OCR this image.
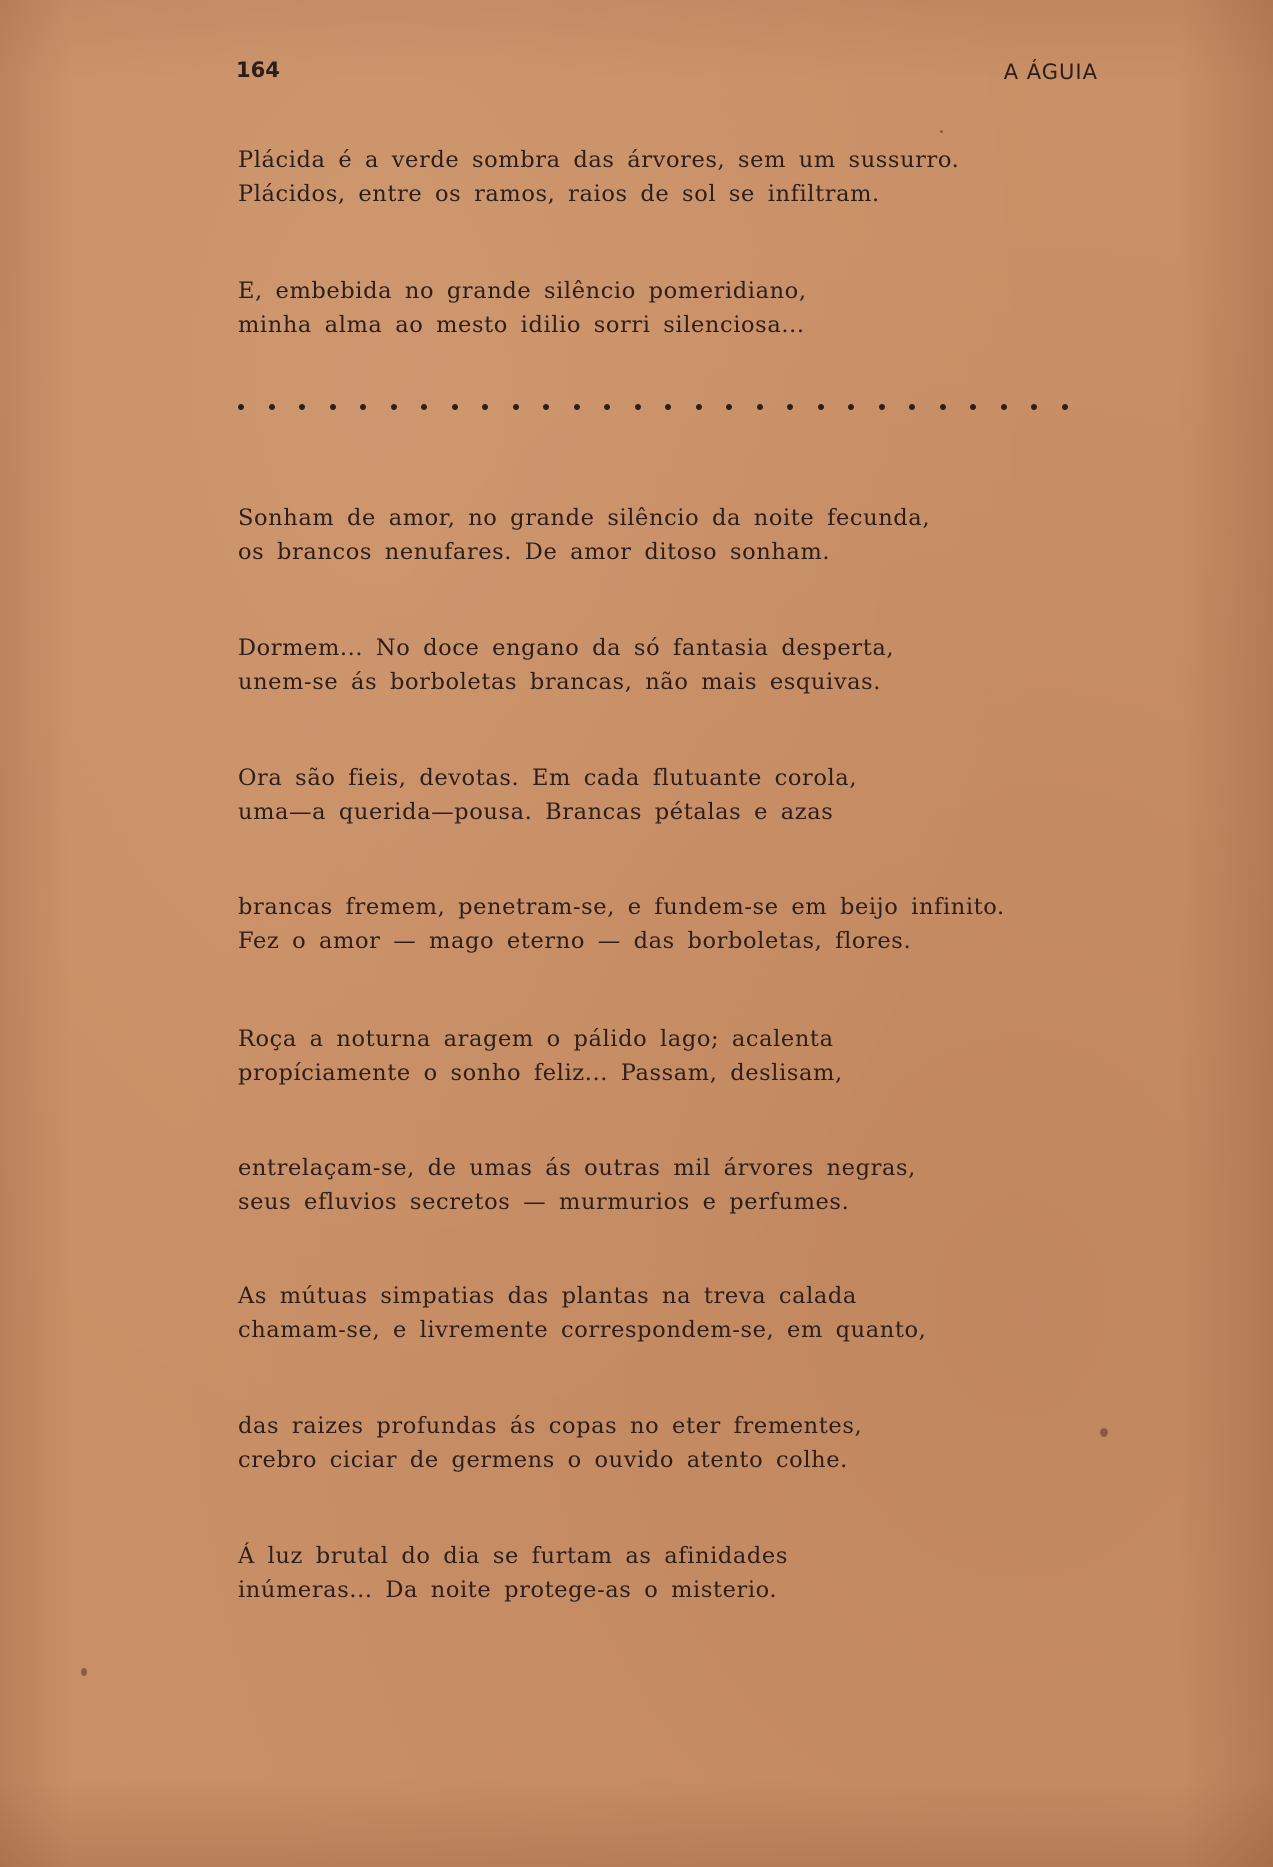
164	A ÁGUIA
Plácida é a verde sombra das árvores, sem um sussurro.
Plácidos, entre os ramos, raios de sol se infiltram.
E, embebida no grande silêncio pomeridiano,
minha alma ao mesto idilio sorri silenciosa...
Sonham de amor, no grande silêncio da noite fecunda,
os brancos nenufares. De amor ditoso sonham.
Dormem... No doce engano da só fantasia desperta,
unem-se ás borboletas brancas, não mais esquivas.
Ora são fieis, devotas. Em cada flutuante corola,
uma—a querida—pousa. Brancas pétalas e azas
brancas fremem, penetram-se, e fundem-se em beijo infinito.
Fez o amor — mago eterno — das borboletas, flores.
Roça a noturna aragem o pálido lago; acalenta
propíciamente o sonho feliz... Passam, deslisam,
entrelaçam-se, de umas ás outras mil árvores negras,
seus efluvios secretos — murmurios e perfumes.
As mútuas simpatias das plantas na treva calada
chamam-se, e livremente correspondem-se, em quanto,
das raizes profundas ás copas no eter frementes,
crebro ciciar de germens o ouvido atento colhe.
Á luz brutal do dia se furtam as afinidades
inúmeras... Da noite protege-as o misterio.
